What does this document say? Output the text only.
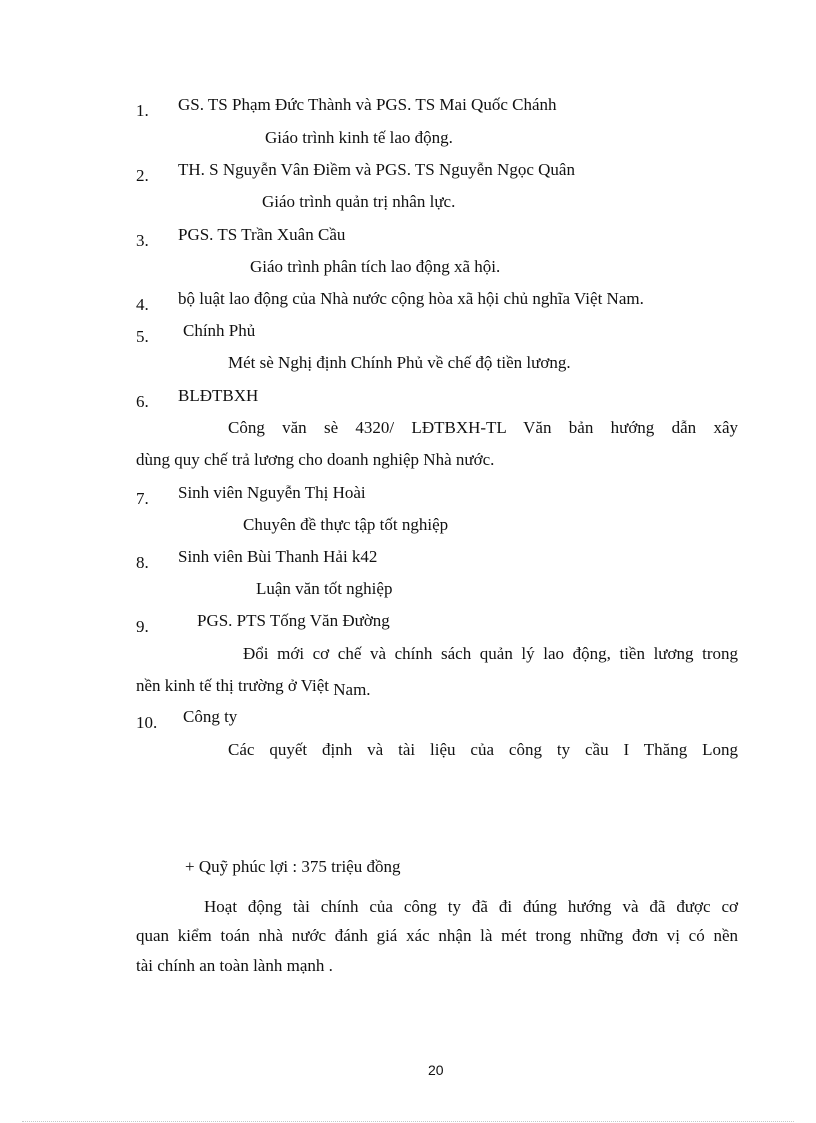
1. GS. TS Phạm Đức Thành và PGS. TS Mai Quốc Chánh
Giáo trình kinh tế lao động.
2. TH. S Nguyễn Vân Điềm và PGS. TS Nguyễn Ngọc Quân
Giáo trình quản trị nhân lực.
3. PGS. TS Trần Xuân Cầu
Giáo trình phân tích lao động xã hội.
4. bộ luật lao động của Nhà nước cộng hòa xã hội chủ nghĩa Việt Nam.
5. Chính Phủ
Mét sè Nghị định Chính Phủ về chế độ tiền lương.
6. BLĐTBXH
Công văn sè 4320/ LĐTBXH-TL Văn bản hướng dẫn xây
dùng quy chế trả lương cho doanh nghiệp Nhà nước.
7. Sinh viên Nguyễn Thị Hoài
Chuyên đề thực tập tốt nghiệp
8. Sinh viên Bùi Thanh Hải k42
Luận văn tốt nghiệp
9.	PGS. PTS Tống Văn Đường
Đổi mới cơ chế và chính sách quản lý lao động, tiền lương trong
nền kinh tế thị trường ở Việt Nam.
10. Công ty
Các quyết định và tài liệu của công ty cầu I Thăng Long
+ Quỹ phúc lợi : 375 triệu đồng
Hoạt động tài chính của công ty đã đi đúng hướng và đã được cơ
quan kiểm toán nhà nước đánh giá xác nhận là mét trong những đơn vị có nền
tài chính an toàn lành mạnh .
20
